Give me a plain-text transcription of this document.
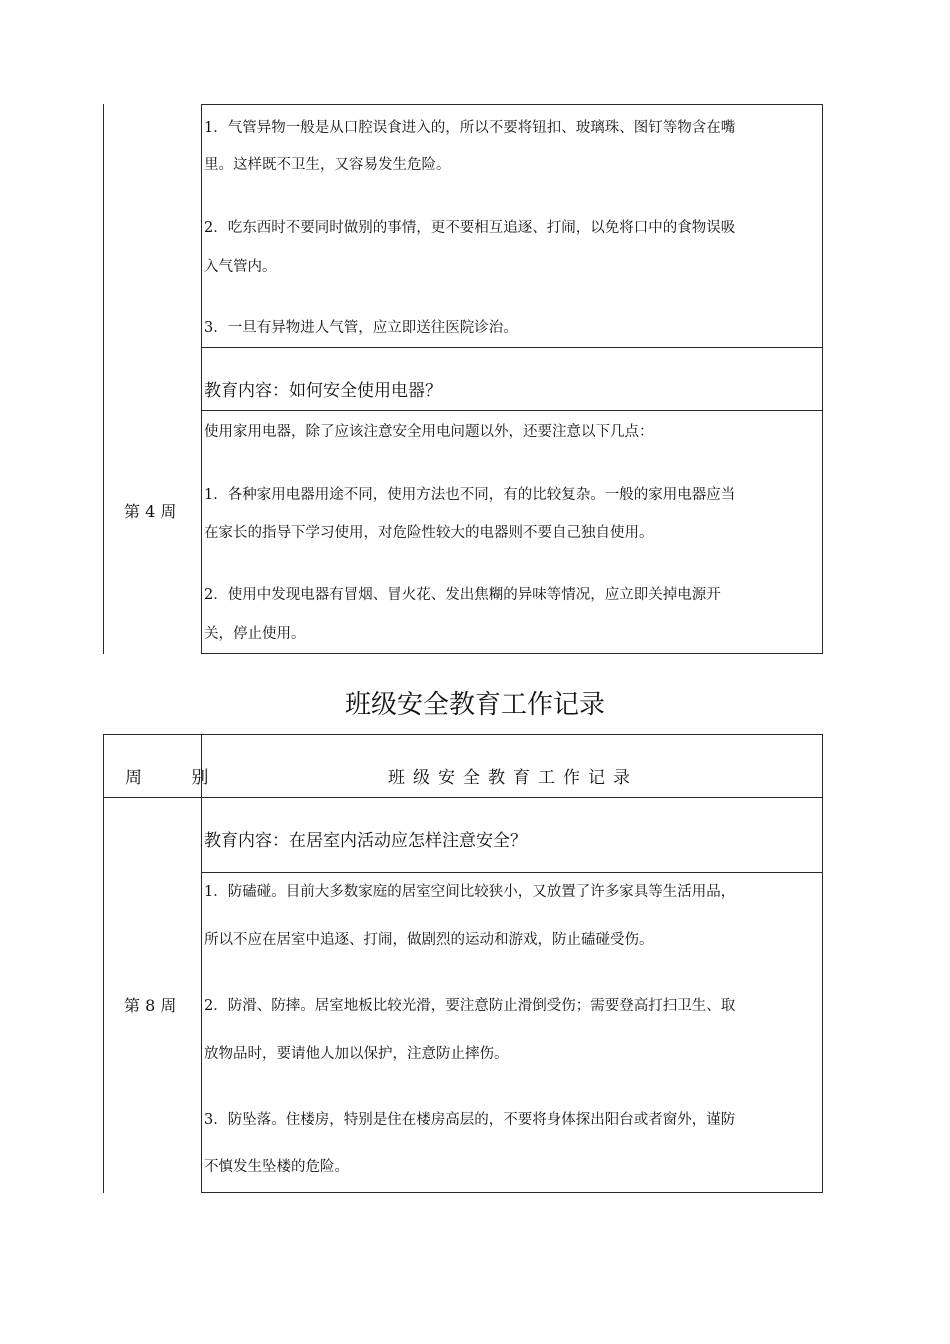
第 4 周
1．气管异物一般是从口腔误食进入的，所以不要将钮扣、玻璃珠、图钉等物含在嘴
里。这样既不卫生，又容易发生危险。
2．吃东西时不要同时做别的事情，更不要相互追逐、打闹，以免将口中的食物误吸
入气管内。
3．一旦有异物进人气管，应立即送往医院诊治。
教育内容：如何安全使用电器？
使用家用电器，除了应该注意安全用电问题以外，还要注意以下几点：
1．各种家用电器用途不同，使用方法也不同，有的比较复杂。一般的家用电器应当
在家长的指导下学习使用，对危险性较大的电器则不要自己独自使用。
2．使用中发现电器有冒烟、冒火花、发出焦糊的异味等情况，应立即关掉电源开
关，停止使用。
班级安全教育工作记录
周 别	班级安全教育工作记录
第 8 周
教育内容：在居室内活动应怎样注意安全？
1．防磕碰。目前大多数家庭的居室空间比较狭小，又放置了许多家具等生活用品，
所以不应在居室中追逐、打闹，做剧烈的运动和游戏，防止磕碰受伤。
2．防滑、防摔。居室地板比较光滑，要注意防止滑倒受伤；需要登高打扫卫生、取
放物品时，要请他人加以保护，注意防止摔伤。
3．防坠落。住楼房，特别是住在楼房高层的，不要将身体探出阳台或者窗外，谨防
不慎发生坠楼的危险。
